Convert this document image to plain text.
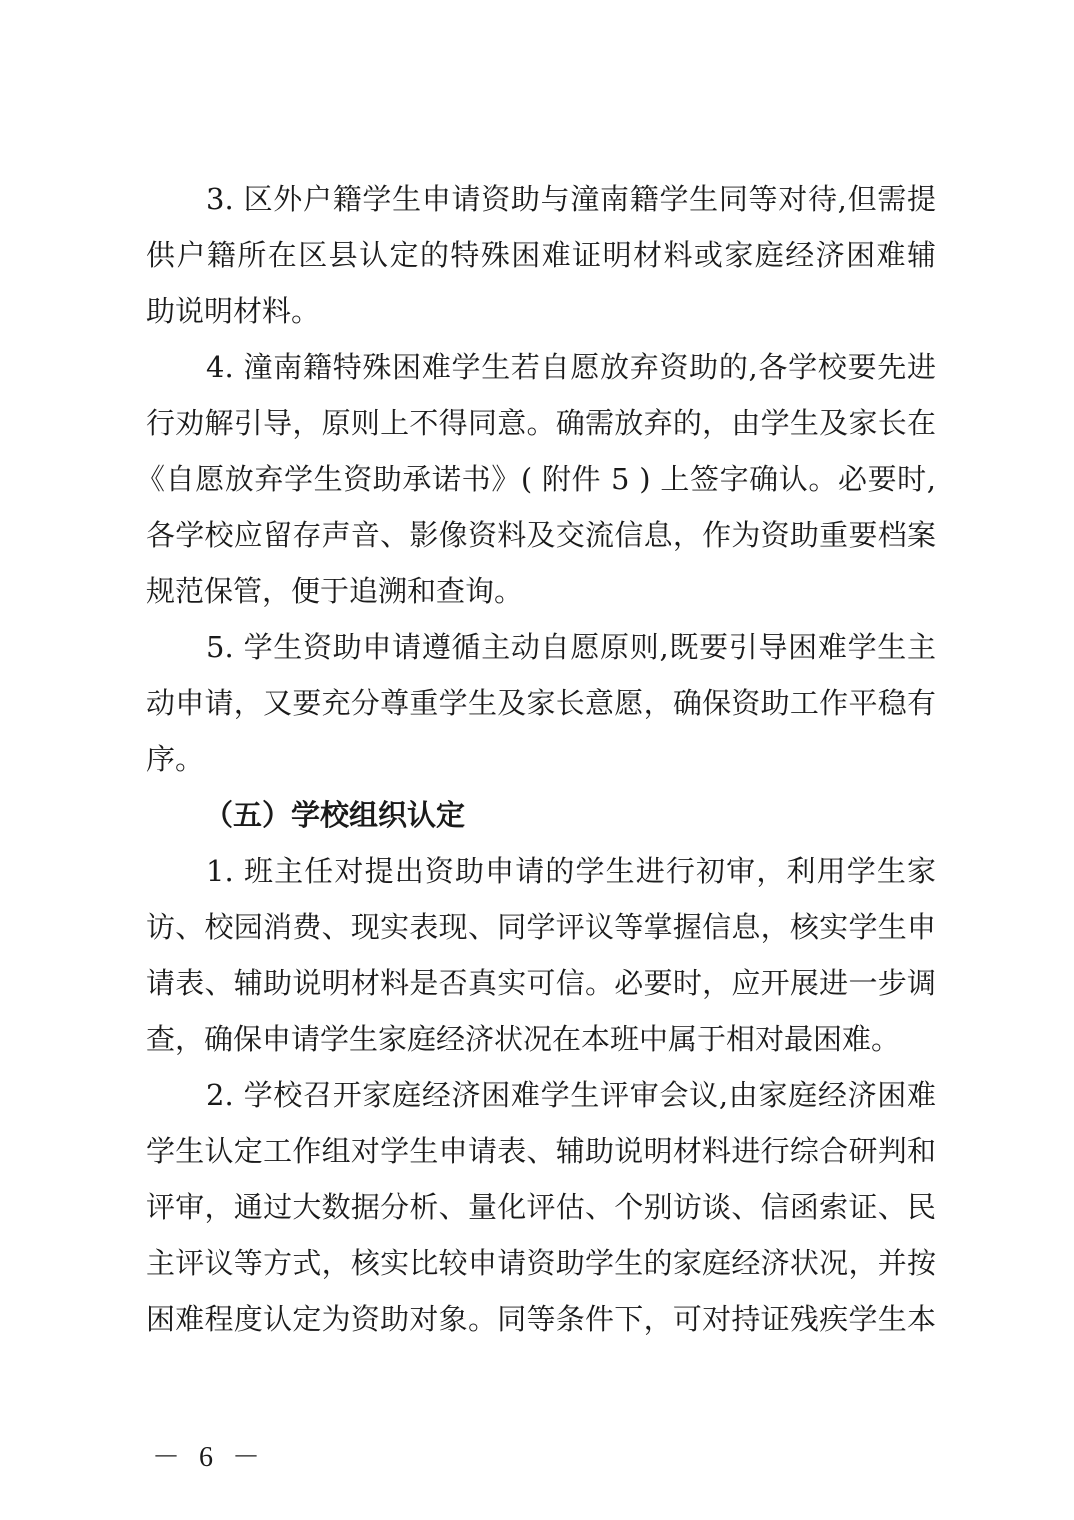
3. 区外户籍学生申请资助与潼南籍学生同等对待,但需提
供户籍所在区县认定的特殊困难证明材料或家庭经济困难辅
助说明材料。
4. 潼南籍特殊困难学生若自愿放弃资助的,各学校要先进
行劝解引导，原则上不得同意。确需放弃的，由学生及家长在
《自愿放弃学生资助承诺书》( 附件 5 ) 上签字确认。必要时,
各学校应留存声音、影像资料及交流信息，作为资助重要档案
规范保管，便于追溯和查询。
5. 学生资助申请遵循主动自愿原则,既要引导困难学生主
动申请，又要充分尊重学生及家长意愿，确保资助工作平稳有
序。
（五）学校组织认定
1. 班主任对提出资助申请的学生进行初审，利用学生家
访、校园消费、现实表现、同学评议等掌握信息，核实学生申
请表、辅助说明材料是否真实可信。必要时，应开展进一步调
查，确保申请学生家庭经济状况在本班中属于相对最困难。
2. 学校召开家庭经济困难学生评审会议,由家庭经济困难
学生认定工作组对学生申请表、辅助说明材料进行综合研判和
评审，通过大数据分析、量化评估、个别访谈、信函索证、民
主评议等方式，核实比较申请资助学生的家庭经济状况，并按
困难程度认定为资助对象。同等条件下，可对持证残疾学生本
－ 6 －
